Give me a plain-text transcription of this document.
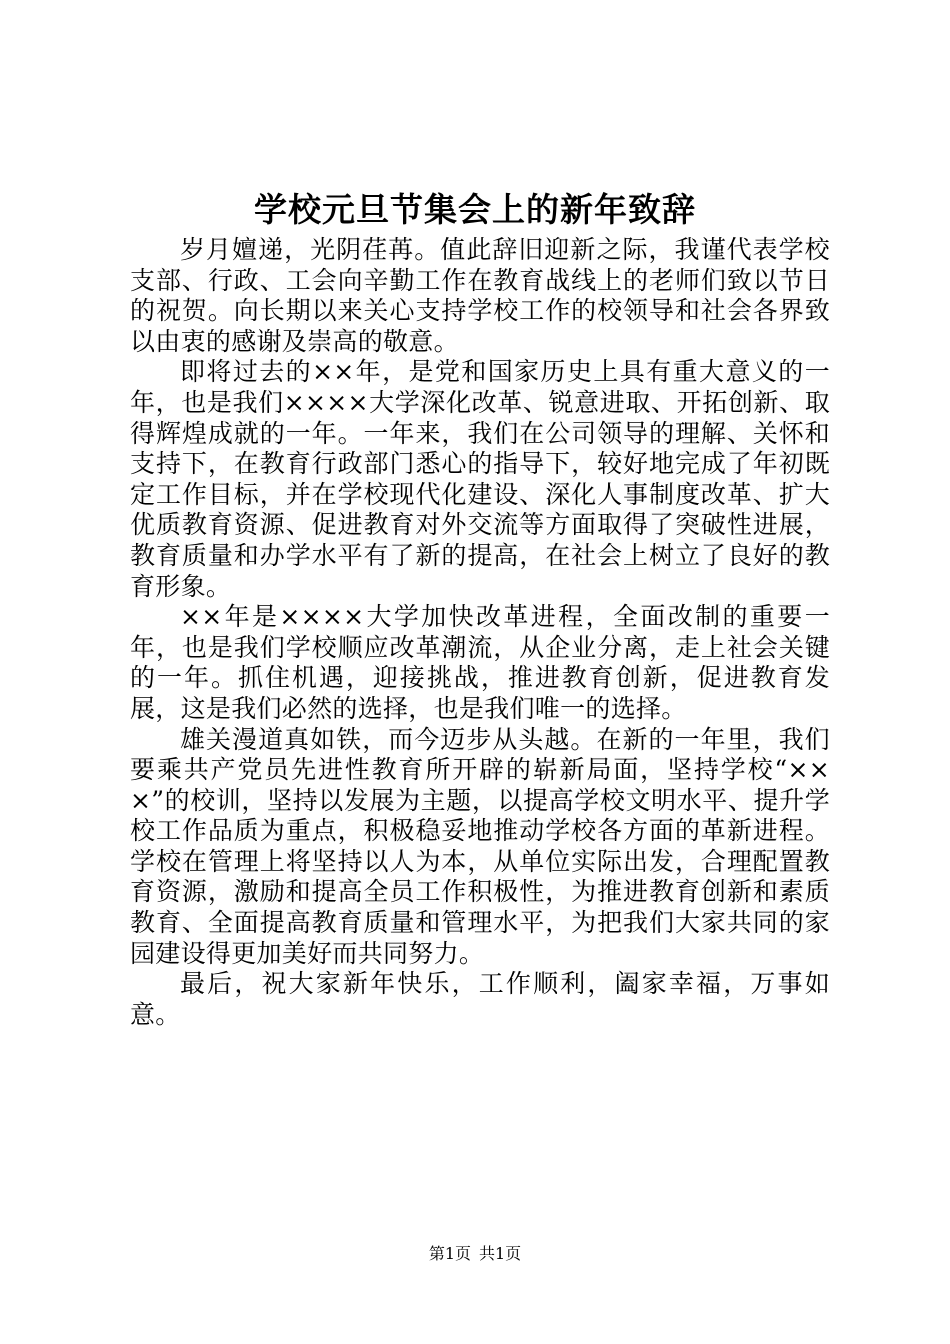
学校元旦节集会上的新年致辞

岁月嬗递，光阴荏苒。值此辞旧迎新之际，我谨代表学校支部、行政、工会向辛勤工作在教育战线上的老师们致以节日的祝贺。向长期以来关心支持学校工作的校领导和社会各界致以由衷的感谢及崇高的敬意。

即将过去的××年，是党和国家历史上具有重大意义的一年，也是我们××××大学深化改革、锐意进取、开拓创新、取得辉煌成就的一年。一年来，我们在公司领导的理解、关怀和支持下，在教育行政部门悉心的指导下，较好地完成了年初既定工作目标，并在学校现代化建设、深化人事制度改革、扩大优质教育资源、促进教育对外交流等方面取得了突破性进展，教育质量和办学水平有了新的提高，在社会上树立了良好的教育形象。

××年是××××大学加快改革进程，全面改制的重要一年，也是我们学校顺应改革潮流，从企业分离，走上社会关键的一年。抓住机遇，迎接挑战，推进教育创新，促进教育发展，这是我们必然的选择，也是我们唯一的选择。

雄关漫道真如铁，而今迈步从头越。在新的一年里，我们要乘共产党员先进性教育所开辟的崭新局面，坚持学校“×××”的校训，坚持以发展为主题，以提高学校文明水平、提升学校工作品质为重点，积极稳妥地推动学校各方面的革新进程。学校在管理上将坚持以人为本，从单位实际出发，合理配置教育资源，激励和提高全员工作积极性，为推进教育创新和素质教育、全面提高教育质量和管理水平，为把我们大家共同的家园建设得更加美好而共同努力。

最后，祝大家新年快乐，工作顺利，阖家幸福，万事如意。

第1页 共1页
